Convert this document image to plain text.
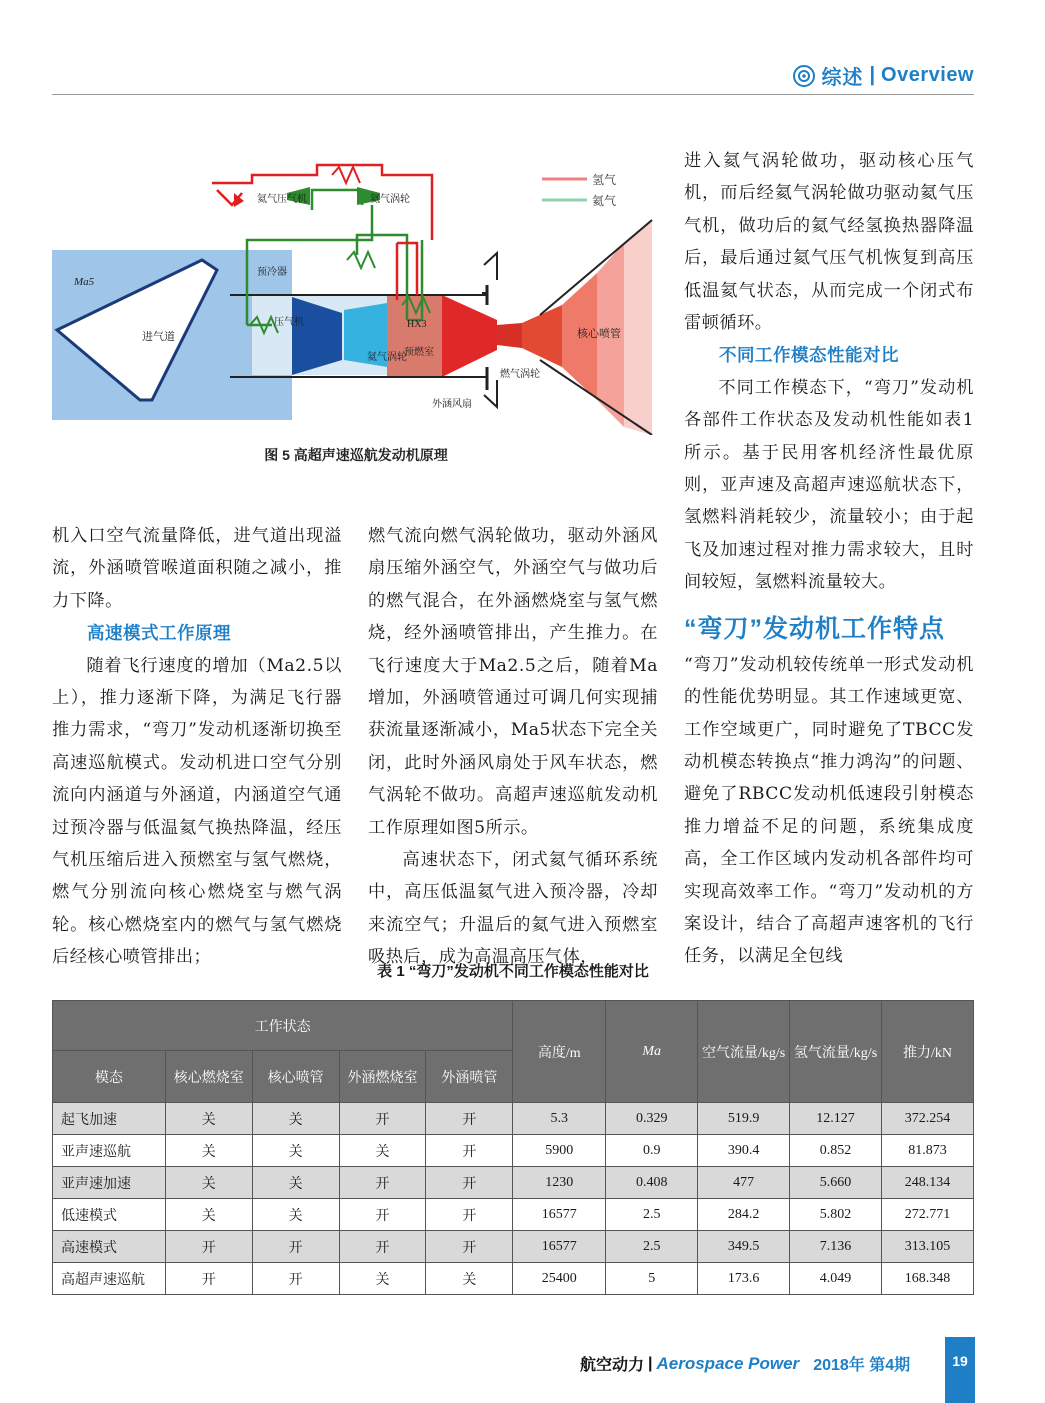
综述 | Overview
氢气
氦气
Ma5
进气道
预冷器
压气机
氦气涡轮
预燃室
HX3
核心喷管
燃气涡轮
外涵风扇
氦气压气机	氦气涡轮
图 5 高超声速巡航发动机原理

机入口空气流量降低，进气道出现溢流，外涵喷管喉道面积随之减小，推力下降。

高速模式工作原理

随着飞行速度的增加（Ma2.5以上），推力逐渐下降，为满足飞行器推力需求，“弯刀”发动机逐渐切换至高速巡航模式。发动机进口空气分别流向内涵道与外涵道，内涵道空气通过预冷器与低温氦气换热降温，经压气机压缩后进入预燃室与氢气燃烧，燃气分别流向核心燃烧室与燃气涡轮。核心燃烧室内的燃气与氢气燃烧后经核心喷管排出；

燃气流向燃气涡轮做功，驱动外涵风扇压缩外涵空气，外涵空气与做功后的燃气混合，在外涵燃烧室与氢气燃烧，经外涵喷管排出，产生推力。在飞行速度大于Ma2.5之后，随着Ma增加，外涵喷管通过可调几何实现捕获流量逐渐减小，Ma5状态下完全关闭，此时外涵风扇处于风车状态，燃气涡轮不做功。高超声速巡航发动机工作原理如图5所示。

高速状态下，闭式氦气循环系统中，高压低温氦气进入预冷器，冷却来流空气；升温后的氦气进入预燃室吸热后，成为高温高压气体，

进入氦气涡轮做功，驱动核心压气机，而后经氦气涡轮做功驱动氦气压气机，做功后的氦气经氢换热器降温后，最后通过氦气压气机恢复到高压低温氦气状态，从而完成一个闭式布雷顿循环。

不同工作模态性能对比

不同工作模态下，“弯刀”发动机各部件工作状态及发动机性能如表1所示。基于民用客机经济性最优原则，亚声速及高超声速巡航状态下，氢燃料消耗较少，流量较小；由于起飞及加速过程对推力需求较大，且时间较短，氢燃料流量较大。

“弯刀”发动机工作特点

“弯刀”发动机较传统单一形式发动机的性能优势明显。其工作速域更宽、工作空域更广，同时避免了TBCC发动机模态转换点“推力鸿沟”的问题、避免了RBCC发动机低速段引射模态推力增益不足的问题，系统集成度高，全工作区域内发动机各部件均可实现高效率工作。“弯刀”发动机的方案设计，结合了高超声速客机的飞行任务，以满足全包线

表 1 “弯刀”发动机不同工作模态性能对比
工作状态					高度/m	Ma	空气流量/kg/s	氢气流量/kg/s	推力/kN
模态	核心燃烧室	核心喷管	外涵燃烧室	外涵喷管					
起飞加速	关	关	开	开	5.3	0.329	519.9	12.127	372.254
亚声速巡航	关	关	关	开	5900	0.9	390.4	0.852	81.873
亚声速加速	关	关	开	开	1230	0.408	477	5.660	248.134
低速模式	关	关	开	开	16577	2.5	284.2	5.802	272.771
高速模式	开	开	开	开	16577	2.5	349.5	7.136	313.105
高超声速巡航	开	开	关	关	25400	5	173.6	4.049	168.348
航空动力 | Aerospace Power 2018年 第4期	19
